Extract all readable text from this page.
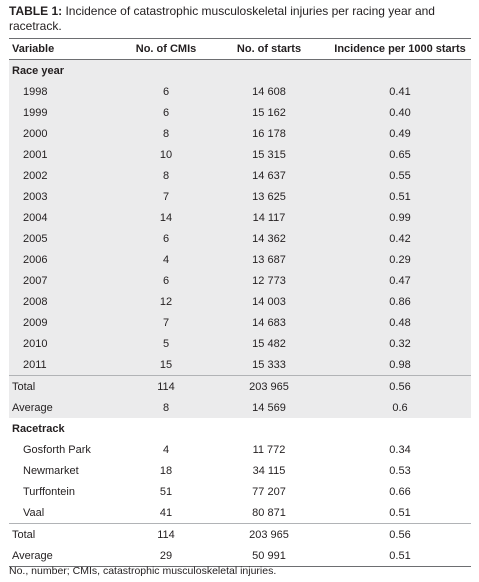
TABLE 1: Incidence of catastrophic musculoskeletal injuries per racing year and racetrack.
Variable	No. of CMIs	No. of starts	Incidence per 1000 starts
Race year			
1998	6	14 608	0.41
1999	6	15 162	0.40
2000	8	16 178	0.49
2001	10	15 315	0.65
2002	8	14 637	0.55
2003	7	13 625	0.51
2004	14	14 117	0.99
2005	6	14 362	0.42
2006	4	13 687	0.29
2007	6	12 773	0.47
2008	12	14 003	0.86
2009	7	14 683	0.48
2010	5	15 482	0.32
2011	15	15 333	0.98
Total	114	203 965	0.56
Average	8	14 569	0.6
Racetrack			
Gosforth Park	4	11 772	0.34
Newmarket	18	34 115	0.53
Turffontein	51	77 207	0.66
Vaal	41	80 871	0.51
Total	114	203 965	0.56
Average	29	50 991	0.51
No., number; CMIs, catastrophic musculoskeletal injuries.
